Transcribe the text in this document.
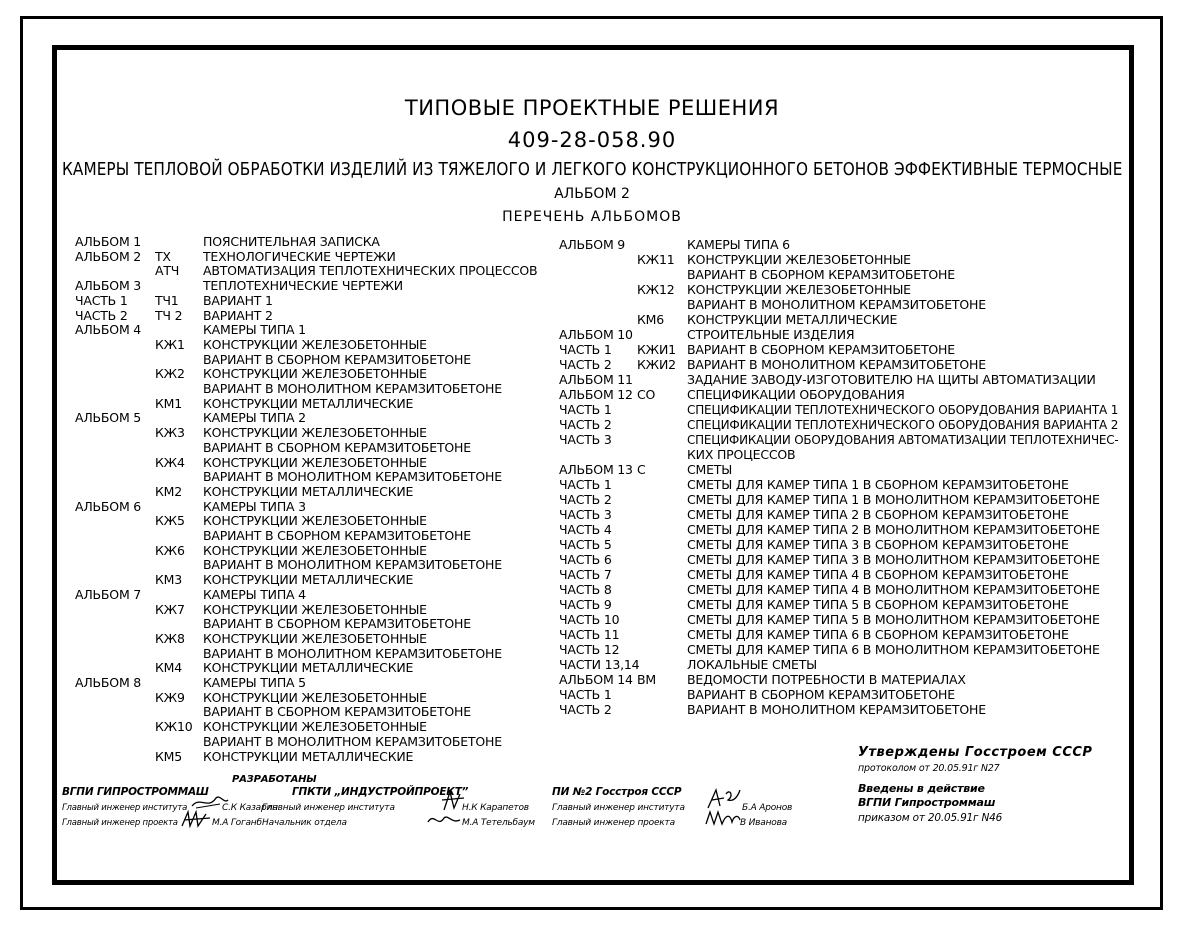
ТИПОВЫЕ ПРОЕКТНЫЕ РЕШЕНИЯ
409-28-058.90
КАМЕРЫ ТЕПЛОВОЙ ОБРАБОТКИ ИЗДЕЛИЙ ИЗ ТЯЖЕЛОГО И ЛЕГКОГО КОНСТРУКЦИОННОГО БЕТОНОВ ЭФФЕКТИВНЫЕ ТЕРМОСНЫЕ
АЛЬБОМ 2
ПЕРЕЧЕНЬ АЛЬБОМОВ
АЛЬБОМ 1	ПОЯСНИТЕЛЬНАЯ ЗАПИСКА
АЛЬБОМ 2 ТХ	ТЕХНОЛОГИЧЕСКИЕ ЧЕРТЕЖИ
АТЧ АВТОМАТИЗАЦИЯ ТЕПЛОТЕХНИЧЕСКИХ ПРОЦЕССОВ
АЛЬБОМ 3	ТЕПЛОТЕХНИЧЕСКИЕ ЧЕРТЕЖИ
ЧАСТЬ 1 ТЧ1 ВАРИАНТ 1
ЧАСТЬ 2 ТЧ 2 ВАРИАНТ 2
АЛЬБОМ 4	КАМЕРЫ ТИПА 1
КЖ1 КОНСТРУКЦИИ ЖЕЛЕЗОБЕТОННЫЕ
ВАРИАНТ В СБОРНОМ КЕРАМЗИТОБЕТОНЕ
КЖ2 КОНСТРУКЦИИ ЖЕЛЕЗОБЕТОННЫЕ
ВАРИАНТ В МОНОЛИТНОМ КЕРАМЗИТОБЕТОНЕ
КМ1 КОНСТРУКЦИИ МЕТАЛЛИЧЕСКИЕ
АЛЬБОМ 5	КАМЕРЫ ТИПА 2
КЖ3 КОНСТРУКЦИИ ЖЕЛЕЗОБЕТОННЫЕ
ВАРИАНТ В СБОРНОМ КЕРАМЗИТОБЕТОНЕ
КЖ4 КОНСТРУКЦИИ ЖЕЛЕЗОБЕТОННЫЕ
ВАРИАНТ В МОНОЛИТНОМ КЕРАМЗИТОБЕТОНЕ
КМ2 КОНСТРУКЦИИ МЕТАЛЛИЧЕСКИЕ
АЛЬБОМ 6	КАМЕРЫ ТИПА 3
КЖ5 КОНСТРУКЦИИ ЖЕЛЕЗОБЕТОННЫЕ
ВАРИАНТ В СБОРНОМ КЕРАМЗИТОБЕТОНЕ
КЖ6 КОНСТРУКЦИИ ЖЕЛЕЗОБЕТОННЫЕ
ВАРИАНТ В МОНОЛИТНОМ КЕРАМЗИТОБЕТОНЕ
КМ3 КОНСТРУКЦИИ МЕТАЛЛИЧЕСКИЕ
АЛЬБОМ 7	КАМЕРЫ ТИПА 4
КЖ7 КОНСТРУКЦИИ ЖЕЛЕЗОБЕТОННЫЕ
ВАРИАНТ В СБОРНОМ КЕРАМЗИТОБЕТОНЕ
КЖ8 КОНСТРУКЦИИ ЖЕЛЕЗОБЕТОННЫЕ
ВАРИАНТ В МОНОЛИТНОМ КЕРАМЗИТОБЕТОНЕ
КМ4 КОНСТРУКЦИИ МЕТАЛЛИЧЕСКИЕ
АЛЬБОМ 8	КАМЕРЫ ТИПА 5
КЖ9 КОНСТРУКЦИИ ЖЕЛЕЗОБЕТОННЫЕ
ВАРИАНТ В СБОРНОМ КЕРАМЗИТОБЕТОНЕ
КЖ10 КОНСТРУКЦИИ ЖЕЛЕЗОБЕТОННЫЕ
ВАРИАНТ В МОНОЛИТНОМ КЕРАМЗИТОБЕТОНЕ
КМ5 КОНСТРУКЦИИ МЕТАЛЛИЧЕСКИЕ
АЛЬБОМ 9	КАМЕРЫ ТИПА 6
КЖ11 КОНСТРУКЦИИ ЖЕЛЕЗОБЕТОННЫЕ
ВАРИАНТ В СБОРНОМ КЕРАМЗИТОБЕТОНЕ
КЖ12 КОНСТРУКЦИИ ЖЕЛЕЗОБЕТОННЫЕ
ВАРИАНТ В МОНОЛИТНОМ КЕРАМЗИТОБЕТОНЕ
КМ6 КОНСТРУКЦИИ МЕТАЛЛИЧЕСКИЕ
АЛЬБОМ 10	СТРОИТЕЛЬНЫЕ ИЗДЕЛИЯ
ЧАСТЬ 1 КЖИ1 ВАРИАНТ В СБОРНОМ КЕРАМЗИТОБЕТОНЕ
ЧАСТЬ 2 КЖИ2 ВАРИАНТ В МОНОЛИТНОМ КЕРАМЗИТОБЕТОНЕ
АЛЬБОМ 11	ЗАДАНИЕ ЗАВОДУ-ИЗГОТОВИТЕЛЮ НА ЩИТЫ АВТОМАТИЗАЦИИ
АЛЬБОМ 12 СО	СПЕЦИФИКАЦИИ ОБОРУДОВАНИЯ
ЧАСТЬ 1	СПЕЦИФИКАЦИИ ТЕПЛОТЕХНИЧЕСКОГО ОБОРУДОВАНИЯ ВАРИАНТА 1
ЧАСТЬ 2	СПЕЦИФИКАЦИИ ТЕПЛОТЕХНИЧЕСКОГО ОБОРУДОВАНИЯ ВАРИАНТА 2
ЧАСТЬ 3	СПЕЦИФИКАЦИИ ОБОРУДОВАНИЯ АВТОМАТИЗАЦИИ ТЕПЛОТЕХНИЧЕС-
КИХ ПРОЦЕССОВ
АЛЬБОМ 13 С	СМЕТЫ
ЧАСТЬ 1	СМЕТЫ ДЛЯ КАМЕР ТИПА 1 В СБОРНОМ КЕРАМЗИТОБЕТОНЕ
ЧАСТЬ 2	СМЕТЫ ДЛЯ КАМЕР ТИПА 1 В МОНОЛИТНОМ КЕРАМЗИТОБЕТОНЕ
ЧАСТЬ 3	СМЕТЫ ДЛЯ КАМЕР ТИПА 2 В СБОРНОМ КЕРАМЗИТОБЕТОНЕ
ЧАСТЬ 4	СМЕТЫ ДЛЯ КАМЕР ТИПА 2 В МОНОЛИТНОМ КЕРАМЗИТОБЕТОНЕ
ЧАСТЬ 5	СМЕТЫ ДЛЯ КАМЕР ТИПА 3 В СБОРНОМ КЕРАМЗИТОБЕТОНЕ
ЧАСТЬ 6	СМЕТЫ ДЛЯ КАМЕР ТИПА 3 В МОНОЛИТНОМ КЕРАМЗИТОБЕТОНЕ
ЧАСТЬ 7	СМЕТЫ ДЛЯ КАМЕР ТИПА 4 В СБОРНОМ КЕРАМЗИТОБЕТОНЕ
ЧАСТЬ 8	СМЕТЫ ДЛЯ КАМЕР ТИПА 4 В МОНОЛИТНОМ КЕРАМЗИТОБЕТОНЕ
ЧАСТЬ 9	СМЕТЫ ДЛЯ КАМЕР ТИПА 5 В СБОРНОМ КЕРАМЗИТОБЕТОНЕ
ЧАСТЬ 10	СМЕТЫ ДЛЯ КАМЕР ТИПА 5 В МОНОЛИТНОМ КЕРАМЗИТОБЕТОНЕ
ЧАСТЬ 11	СМЕТЫ ДЛЯ КАМЕР ТИПА 6 В СБОРНОМ КЕРАМЗИТОБЕТОНЕ
ЧАСТЬ 12	СМЕТЫ ДЛЯ КАМЕР ТИПА 6 В МОНОЛИТНОМ КЕРАМЗИТОБЕТОНЕ
ЧАСТИ 13,14	ЛОКАЛЬНЫЕ СМЕТЫ
АЛЬБОМ 14 ВМ ВЕДОМОСТИ ПОТРЕБНОСТИ В МАТЕРИАЛАХ
ЧАСТЬ 1	ВАРИАНТ В СБОРНОМ КЕРАМЗИТОБЕТОНЕ
ЧАСТЬ 2	ВАРИАНТ В МОНОЛИТНОМ КЕРАМЗИТОБЕТОНЕ
Утверждены Госстроем СССР
протоколом от 20.05.91г N27
Введены в действие
ВГПИ Гипростроммаш
приказом от 20.05.91г N46
РАЗРАБОТАНЫ
ВГПИ ГИПРОСТРОММАШ
Главный инженер института	С.К Казарин
Главный инженер проекта	М.А Гоганб
ГПКТИ „ИНДУСТРОЙПРОЕКТ”
Главный инженер института	Н.К Карапетов
Начальник отдела	М.А Тетельбаум
ПИ №2 Госстроя СССР
Главный инженер института	Б.А Аронов
Главный инженер проекта	В Иванова
